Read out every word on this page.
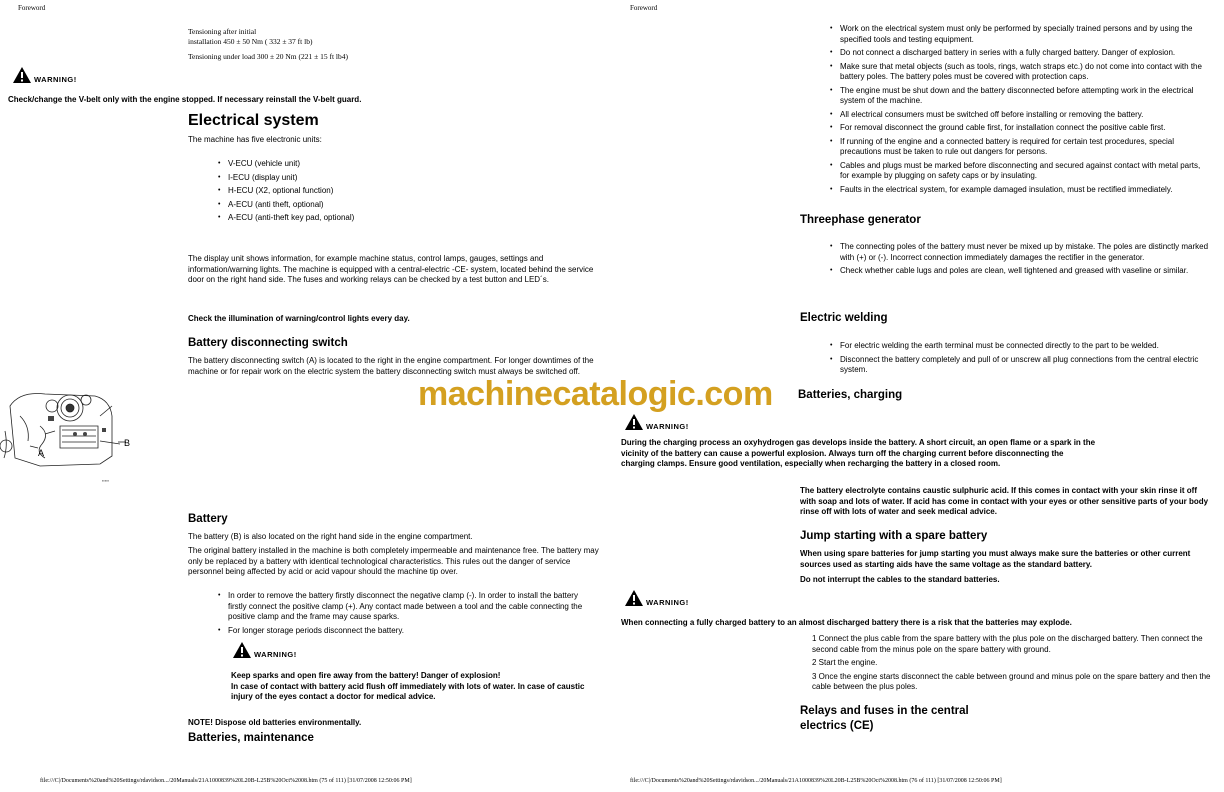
Foreword
Tensioning after initial
installation 450 ± 50 Nm ( 332 ± 37 ft lb)
Tensioning under load 300 ± 20 Nm (221 ± 15 ft lb4)
WARNING!
Check/change the V-belt only with the engine stopped. If necessary reinstall the V-belt guard.
Electrical system
The machine has five electronic units:
• V-ECU (vehicle unit)
• I-ECU (display unit)
• H-ECU (X2, optional function)
• A-ECU (anti theft, optional)
• A-ECU (anti-theft key pad, optional)
The display unit shows information, for example machine status, control lamps, gauges, settings and information/warning lights. The machine is equipped with a central-electric -CE- system, located behind the service door on the right hand side. The fuses and working relays can be checked by a test button and LED´s.
Check the illumination of warning/control lights every day.
Battery disconnecting switch
The battery disconnecting switch (A) is located to the right in the engine compartment. For longer downtimes of the machine or for repair work on the electric system the battery disconnecting switch must always be switched off.
▪▪▪▪▪
A
B
Battery
The battery (B) is also located on the right hand side in the engine compartment.
The original battery installed in the machine is both completely impermeable and maintenance free. The battery may only be replaced by a battery with identical technological characteristics. This rules out the danger of service personnel being affected by acid or acid vapour should the machine tip over.
• In order to remove the battery firstly disconnect the negative clamp (-). In order to install the battery firstly connect the positive clamp (+). Any contact made between a tool and the cable connecting the positive clamp and the frame may cause sparks.
• For longer storage periods disconnect the battery.
WARNING!
Keep sparks and open fire away from the battery! Danger of explosion!
In case of contact with battery acid flush off immediately with lots of water. In case of caustic injury of the eyes contact a doctor for medical advice.
NOTE! Dispose old batteries environmentally.
Batteries, maintenance
file:///C|/Documents%20and%20Settings/rdavidson.../20Manuals/21A1000839%20L20B-L25B%20Oct%2008.htm (75 of 111) [31/07/2008 12:50:06 PM]
Foreword
• Work on the electrical system must only be performed by specially trained persons and by using the specified tools and testing equipment.
• Do not connect a discharged battery in series with a fully charged battery. Danger of explosion.
• Make sure that metal objects (such as tools, rings, watch straps etc.) do not come into contact with the battery poles. The battery poles must be covered with protection caps.
• The engine must be shut down and the battery disconnected before attempting work in the electrical system of the machine.
• All electrical consumers must be switched off before installing or removing the battery.
• For removal disconnect the ground cable first, for installation connect the positive cable first.
• If running of the engine and a connected battery is required for certain test procedures, special precautions must be taken to rule out dangers for persons.
• Cables and plugs must be marked before disconnecting and secured against contact with metal parts, for example by plugging on safety caps or by insulating.
• Faults in the electrical system, for example damaged insulation, must be rectified immediately.
Threephase generator
• The connecting poles of the battery must never be mixed up by mistake. The poles are distinctly marked with (+) or (-). Incorrect connection immediately damages the rectifier in the generator.
• Check whether cable lugs and poles are clean, well tightened and greased with vaseline or similar.
Electric welding
• For electric welding the earth terminal must be connected directly to the part to be welded.
• Disconnect the battery completely and pull of or unscrew all plug connections from the central electric system.
Batteries, charging
WARNING!
During the charging process an oxyhydrogen gas develops inside the battery. A short circuit, an open flame or a spark in the vicinity of the battery can cause a powerful explosion. Always turn off the charging current before disconnecting the charging clamps. Ensure good ventilation, especially when recharging the battery in a closed room.
The battery electrolyte contains caustic sulphuric acid. If this comes in contact with your skin rinse it off with soap and lots of water. If acid has come in contact with your eyes or other sensitive parts of your body rinse off with lots of water and seek medical advice.
Jump starting with a spare battery
When using spare batteries for jump starting you must always make sure the batteries or other current sources used as starting aids have the same voltage as the standard battery.
Do not interrupt the cables to the standard batteries.
WARNING!
When connecting a fully charged battery to an almost discharged battery there is a risk that the batteries may explode.
1 Connect the plus cable from the spare battery with the plus pole on the discharged battery. Then connect the second cable from the minus pole on the spare battery with ground.
2 Start the engine.
3 Once the engine starts disconnect the cable between ground and minus pole on the spare battery and then the cable between the plus poles.
Relays and fuses in the central electrics (CE)
file:///C|/Documents%20and%20Settings/rdavidson.../20Manuals/21A1000839%20L20B-L25B%20Oct%2008.htm (76 of 111) [31/07/2008 12:50:06 PM]
machinecatalogic.com
